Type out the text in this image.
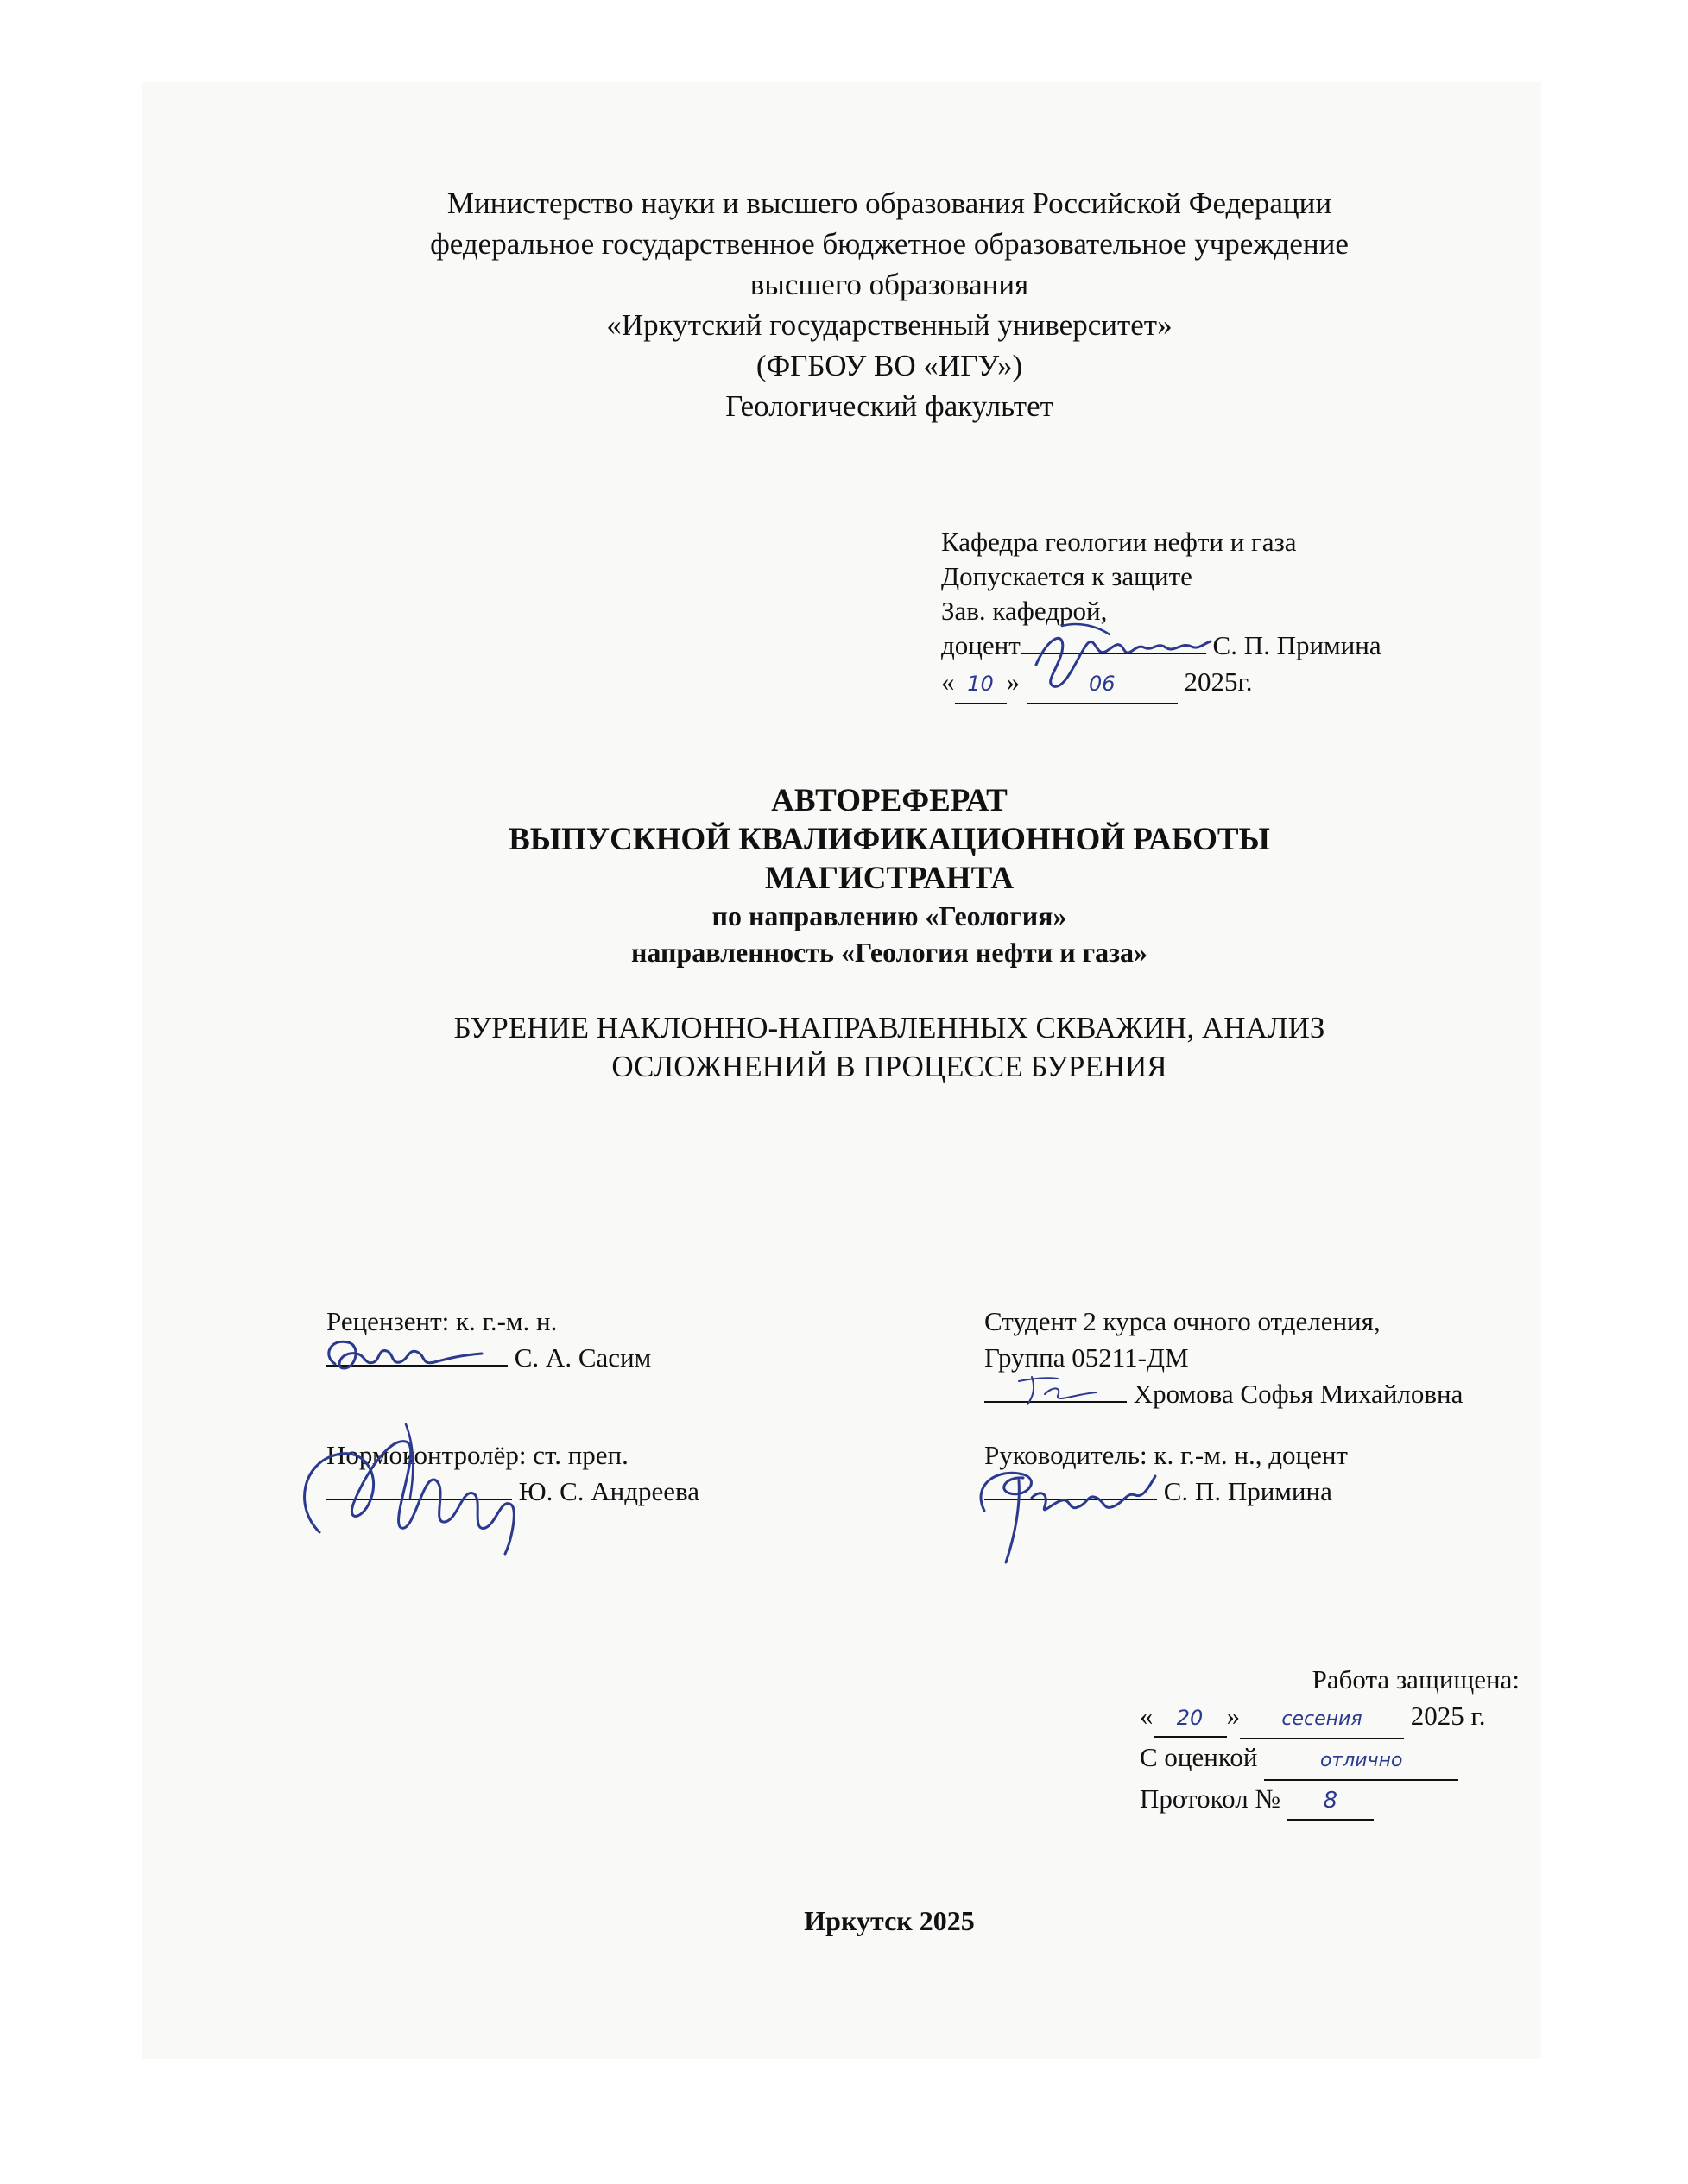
Министерство науки и высшего образования Российской Федерации
федеральное государственное бюджетное образовательное учреждение
высшего образования
«Иркутский государственный университет»
(ФГБОУ ВО «ИГУ»)
Геологический факультет
Кафедра геологии нефти и газа
Допускается к защите
Зав. кафедрой,
доцент	С. П. Примина
« 10 »	06	2025г.
АВТОРЕФЕРАТ
ВЫПУСКНОЙ КВАЛИФИКАЦИОННОЙ РАБОТЫ
МАГИСТРАНТА
по направлению «Геология»
направленность «Геология нефти и газа»
БУРЕНИЕ НАКЛОННО-НАПРАВЛЕННЫХ СКВАЖИН, АНАЛИЗ
ОСЛОЖНЕНИЙ В ПРОЦЕССЕ БУРЕНИЯ
Рецензент: к. г.-м. н.
С. А. Сасим
Студент 2 курса очного отделения,
Группа 05211-ДМ
Хромова Софья Михайловна
Нормоконтролёр: ст. преп.
Ю. С. Андреева
Руководитель: к. г.-м. н., доцент
С. П. Примина
Работа защищена:
« 20 » сесения 2025 г.
С оценкой	отлично
Протокол № 8
Иркутск 2025
